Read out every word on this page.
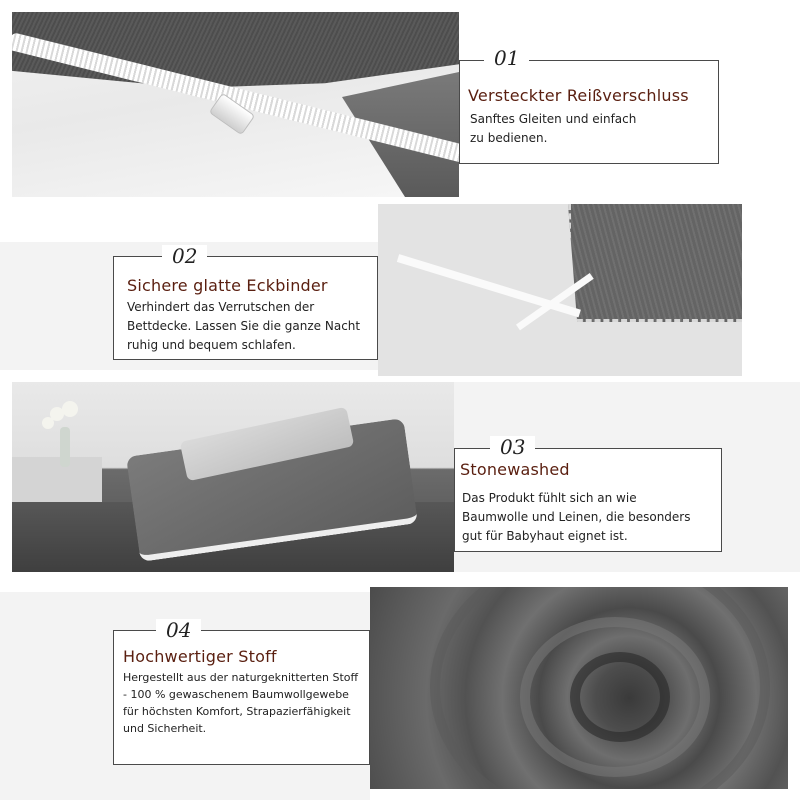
01
Versteckter Reißverschluss
Sanftes Gleiten und einfach
zu bedienen.
02
Sichere glatte Eckbinder
Verhindert das Verrutschen der
Bettdecke. Lassen Sie die ganze Nacht
ruhig und bequem schlafen.
03
Stonewashed
Das Produkt fühlt sich an wie
Baumwolle und Leinen, die besonders
gut für Babyhaut eignet ist.
04
Hochwertiger Stoff
Hergestellt aus der naturgeknitterten Stoff
- 100 % gewaschenem Baumwollgewebe
für höchsten Komfort, Strapazierfähigkeit
und Sicherheit.
